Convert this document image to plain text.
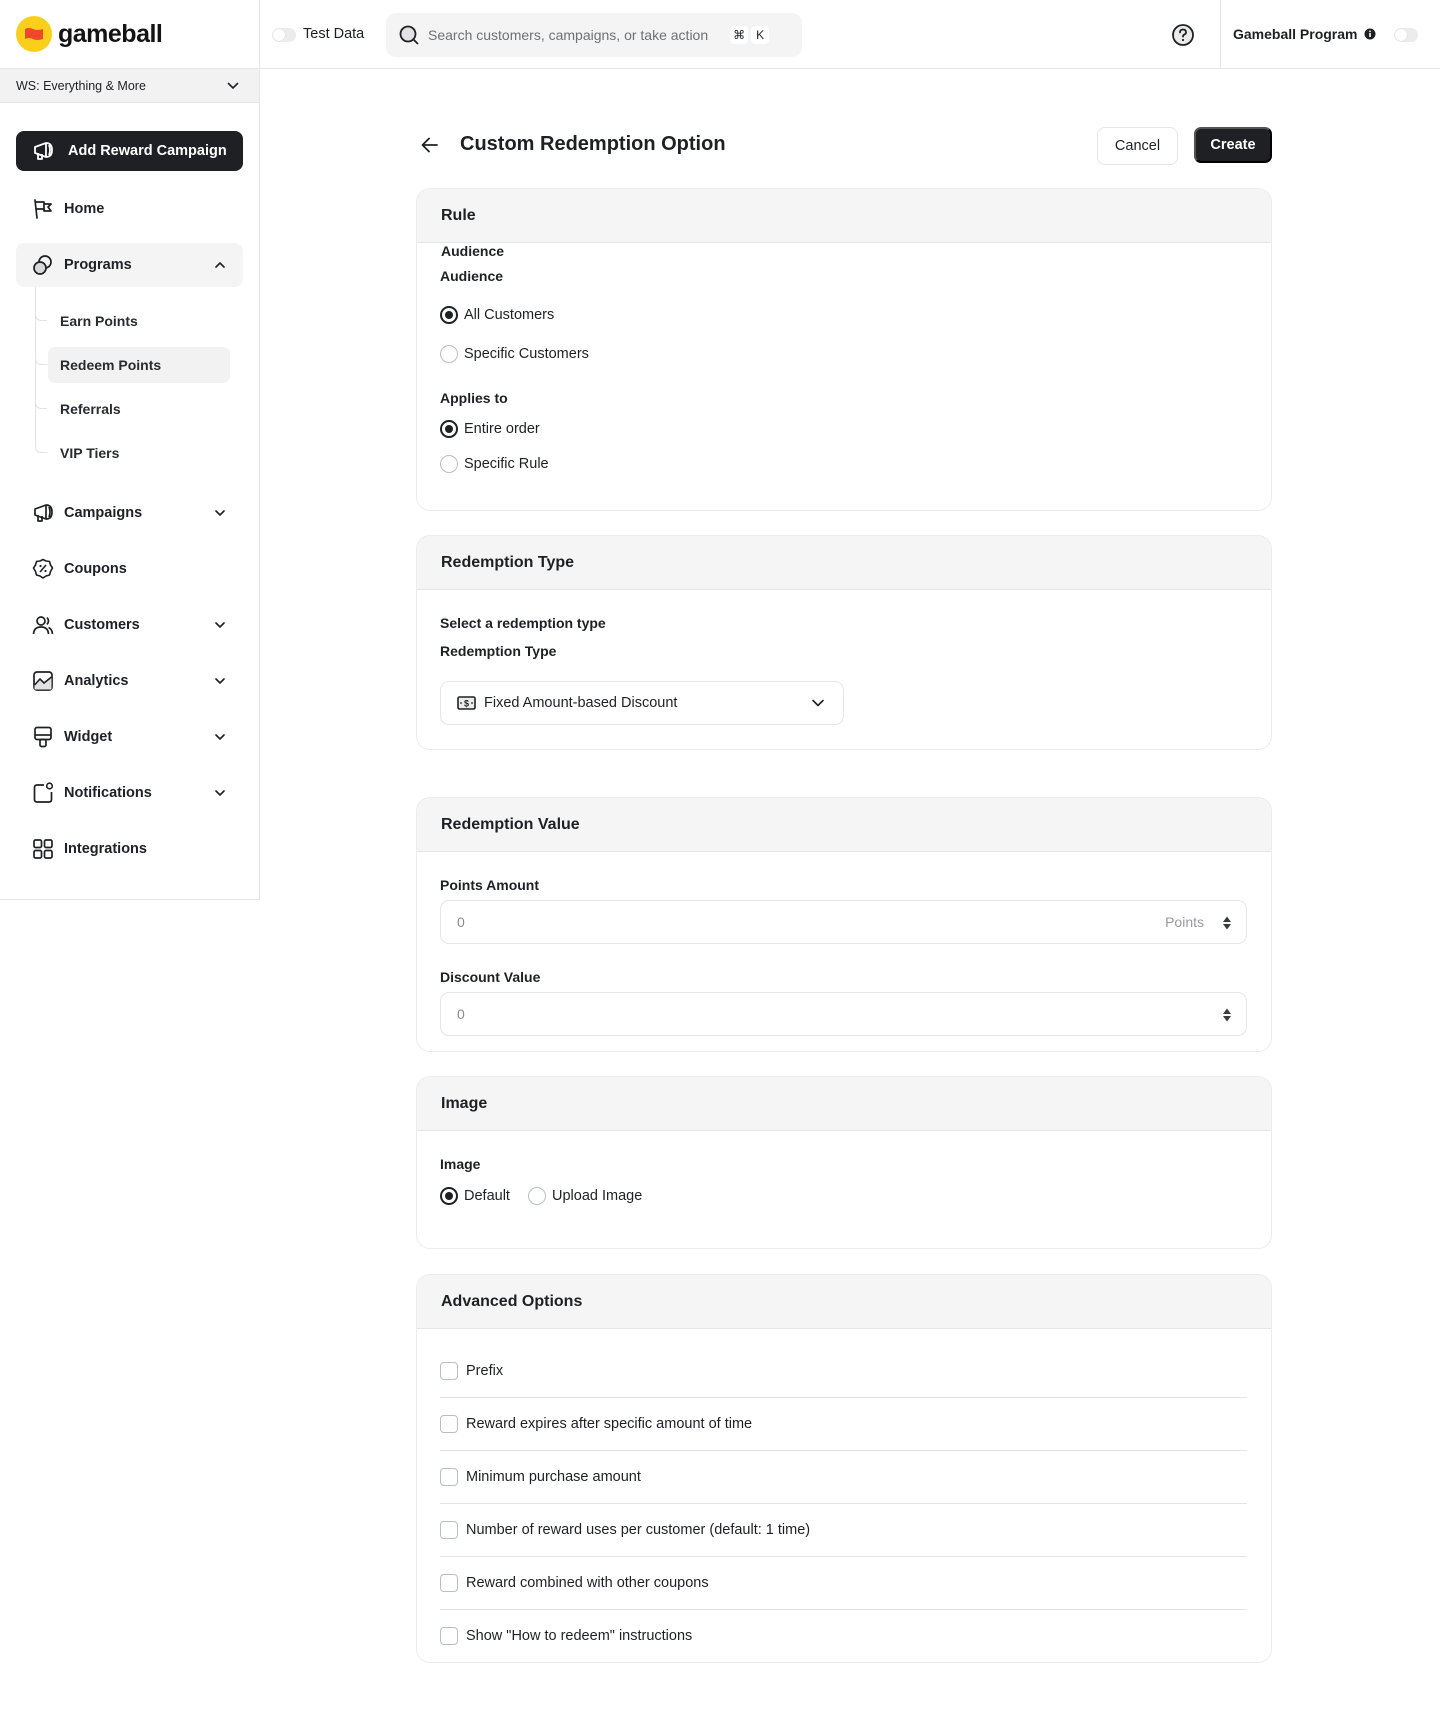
gameball
WS: Everything & More
Add Reward Campaign
Home
Programs
Earn Points
Redeem Points
Referrals
VIP Tiers
Campaigns
Coupons
Customers
Analytics
Widget
Notifications
Integrations
Test Data	Search customers, campaigns, or take action ⌘ K	Gameball Program
Custom Redemption Option	Cancel	Create
Rule
Audience
Audience
All Customers
Specific Customers
Applies to
Entire order
Specific Rule
Redemption Type
Select a redemption type
Redemption Type
$ Fixed Amount-based Discount
Redemption Value
Points Amount
0	Points
Discount Value
0
Image
Image
Default	Upload Image
Advanced Options
Prefix
Reward expires after specific amount of time
Minimum purchase amount
Number of reward uses per customer (default: 1 time)
Reward combined with other coupons
Show "How to redeem" instructions
